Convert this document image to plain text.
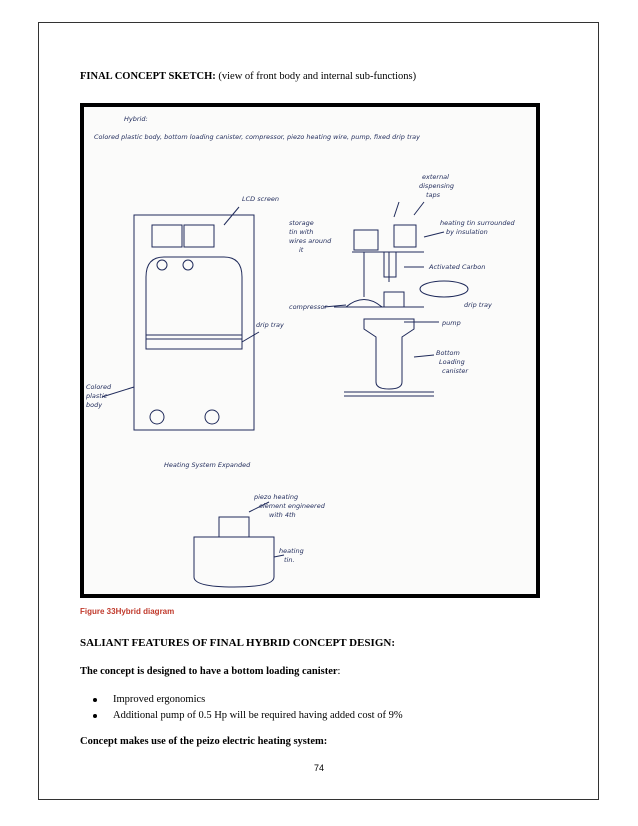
FINAL CONCEPT SKETCH: (view of front body and internal sub-functions)
Hybrid:
Colored plastic body, bottom loading canister, compressor, piezo heating wire, pump, fixed drip tray
LCD screen
drip tray
Colored
plastic
body
Heating System Expanded
piezo heating
element engineered
with 4th
heating
tin.
external
dispensing
taps
storage
tin with
wires around
it
heating tin surrounded
by insulation
Activated Carbon
compressor	drip tray
pump
Bottom
Loading
canister
Figure 33Hybrid diagram
SALIANT FEATURES OF FINAL HYBRID CONCEPT DESIGN:
The concept is designed to have a bottom loading canister:
Improved ergonomics
Additional pump of 0.5 Hp will be required having added cost of 9%
Concept makes use of the peizo electric heating system:
74
